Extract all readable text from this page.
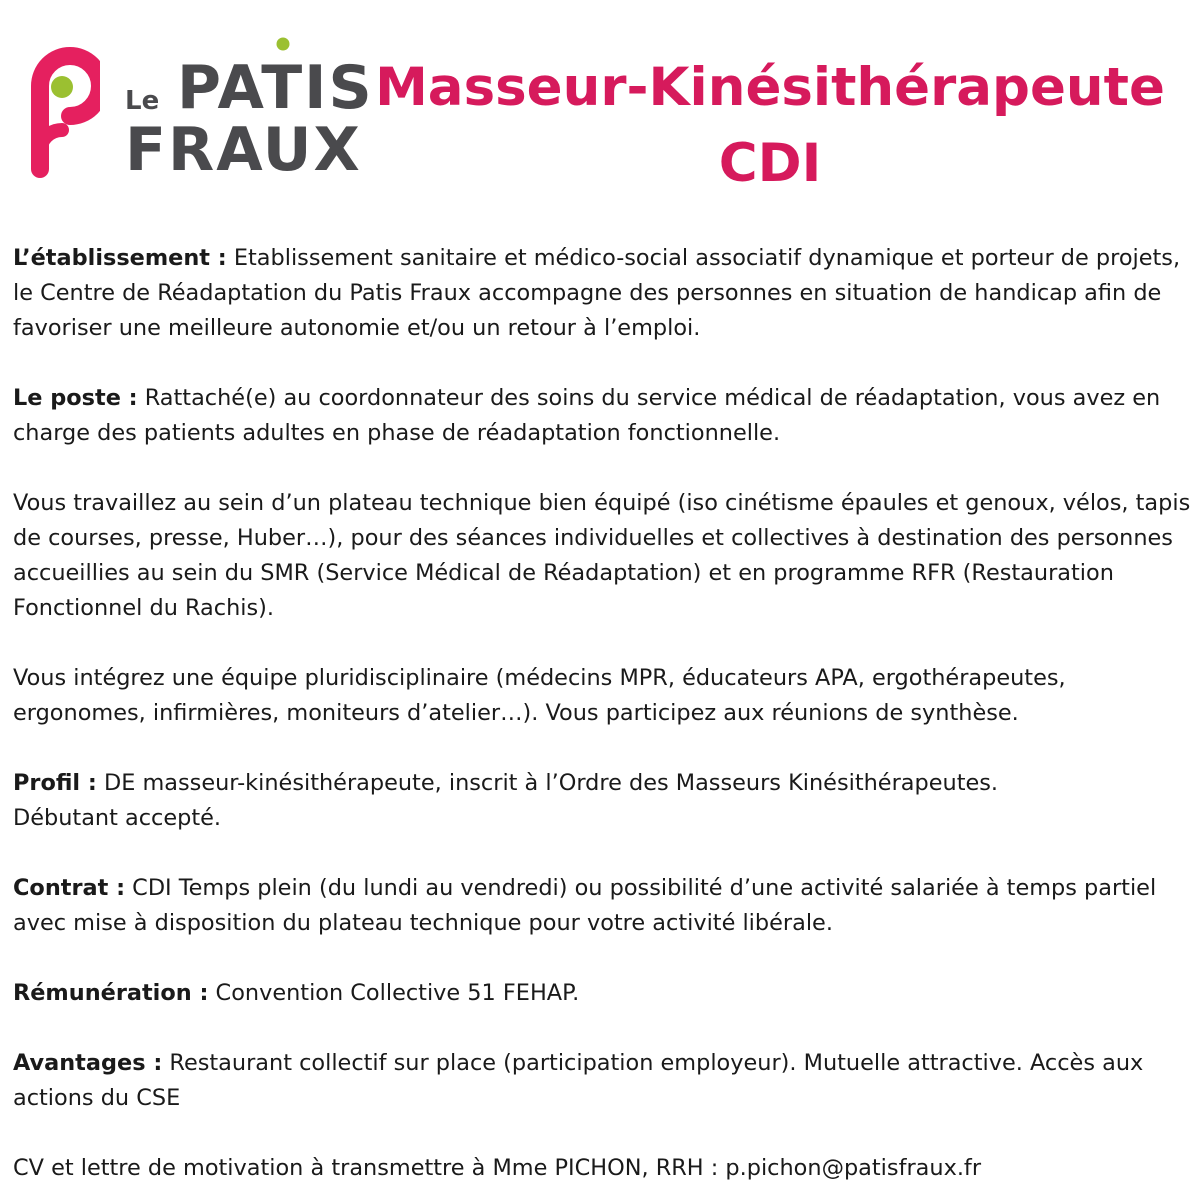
Le PATIS
FRAUX
Masseur-Kinésithérapeute
CDI

L’établissement : Etablissement sanitaire et médico-social associatif dynamique et porteur de projets, le Centre de Réadaptation du Patis Fraux accompagne des personnes en situation de handicap afin de favoriser une meilleure autonomie et/ou un retour à l’emploi.

Le poste : Rattaché(e) au coordonnateur des soins du service médical de réadaptation, vous avez en charge des patients adultes en phase de réadaptation fonctionnelle.

Vous travaillez au sein d’un plateau technique bien équipé (iso cinétisme épaules et genoux, vélos, tapis de courses, presse, Huber…), pour des séances individuelles et collectives à destination des personnes accueillies au sein du SMR (Service Médical de Réadaptation) et en programme RFR (Restauration Fonctionnel du Rachis).

Vous intégrez une équipe pluridisciplinaire (médecins MPR, éducateurs APA, ergothérapeutes, ergonomes, infirmières, moniteurs d’atelier…). Vous participez aux réunions de synthèse.

Profil : DE masseur-kinésithérapeute, inscrit à l’Ordre des Masseurs Kinésithérapeutes.
Débutant accepté.

Contrat : CDI Temps plein (du lundi au vendredi) ou possibilité d’une activité salariée à temps partiel avec mise à disposition du plateau technique pour votre activité libérale.

Rémunération : Convention Collective 51 FEHAP.

Avantages : Restaurant collectif sur place (participation employeur). Mutuelle attractive. Accès aux actions du CSE

CV et lettre de motivation à transmettre à Mme PICHON, RRH : p.pichon@patisfraux.fr
